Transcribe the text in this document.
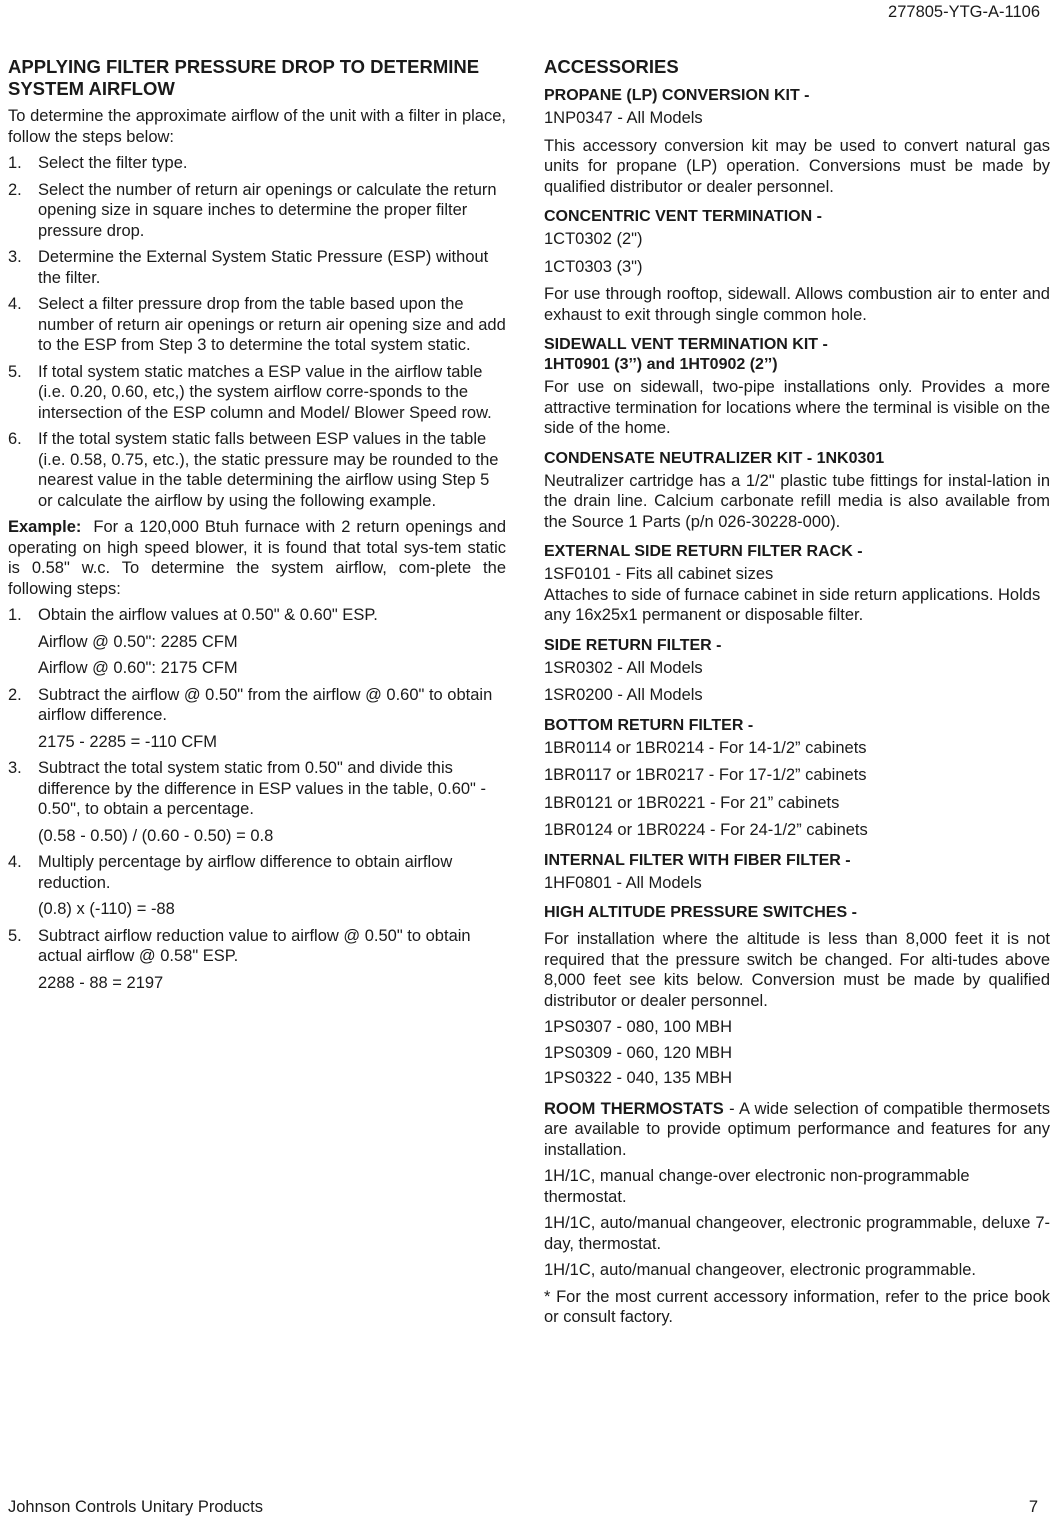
277805-YTG-A-1106
APPLYING FILTER PRESSURE DROP TO DETERMINE SYSTEM AIRFLOW

To determine the approximate airflow of the unit with a filter in place, follow the steps below:

1. Select the filter type.
2. Select the number of return air openings or calculate the return opening size in square inches to determine the proper filter pressure drop.
3. Determine the External System Static Pressure (ESP) without the filter.
4. Select a filter pressure drop from the table based upon the number of return air openings or return air opening size and add to the ESP from Step 3 to determine the total system static.
5. If total system static matches a ESP value in the airflow table (i.e. 0.20, 0.60, etc,) the system airflow corre-sponds to the intersection of the ESP column and Model/ Blower Speed row.
6. If the total system static falls between ESP values in the table (i.e. 0.58, 0.75, etc.), the static pressure may be rounded to the nearest value in the table determining the airflow using Step 5 or calculate the airflow by using the following example.

Example: For a 120,000 Btuh furnace with 2 return openings and operating on high speed blower, it is found that total sys-tem static is 0.58" w.c. To determine the system airflow, com-plete the following steps:

1. Obtain the airflow values at 0.50" & 0.60" ESP.
Airflow @ 0.50": 2285 CFM
Airflow @ 0.60": 2175 CFM
2. Subtract the airflow @ 0.50" from the airflow @ 0.60" to obtain airflow difference.
2175 - 2285 = -110 CFM
3. Subtract the total system static from 0.50" and divide this difference by the difference in ESP values in the table, 0.60" - 0.50", to obtain a percentage.
(0.58 - 0.50) / (0.60 - 0.50) = 0.8
4. Multiply percentage by airflow difference to obtain airflow reduction.
(0.8) x (-110) = -88
5. Subtract airflow reduction value to airflow @ 0.50" to obtain actual airflow @ 0.58" ESP.
2288 - 88 = 2197
ACCESSORIES
PROPANE (LP) CONVERSION KIT -
1NP0347 - All Models

This accessory conversion kit may be used to convert natural gas units for propane (LP) operation. Conversions must be made by qualified distributor or dealer personnel.

CONCENTRIC VENT TERMINATION -
1CT0302 (2")
1CT0303 (3")

For use through rooftop, sidewall. Allows combustion air to enter and exhaust to exit through single common hole.

SIDEWALL VENT TERMINATION KIT -
1HT0901 (3’’) and 1HT0902 (2’’)

For use on sidewall, two-pipe installations only. Provides a more attractive termination for locations where the terminal is visible on the side of the home.

CONDENSATE NEUTRALIZER KIT - 1NK0301

Neutralizer cartridge has a 1/2" plastic tube fittings for instal-lation in the drain line. Calcium carbonate refill media is also available from the Source 1 Parts (p/n 026-30228-000).

EXTERNAL SIDE RETURN FILTER RACK -
1SF0101 - Fits all cabinet sizes

Attaches to side of furnace cabinet in side return applications. Holds any 16x25x1 permanent or disposable filter.

SIDE RETURN FILTER -
1SR0302 - All Models
1SR0200 - All Models
BOTTOM RETURN FILTER -
1BR0114 or 1BR0214 - For 14-1/2” cabinets
1BR0117 or 1BR0217 - For 17-1/2” cabinets
1BR0121 or 1BR0221 - For 21” cabinets
1BR0124 or 1BR0224 - For 24-1/2” cabinets
INTERNAL FILTER WITH FIBER FILTER -
1HF0801 - All Models
HIGH ALTITUDE PRESSURE SWITCHES -

For installation where the altitude is less than 8,000 feet it is not required that the pressure switch be changed. For alti-tudes above 8,000 feet see kits below. Conversion must be made by qualified distributor or dealer personnel.

1PS0307 - 080, 100 MBH
1PS0309 - 060, 120 MBH
1PS0322 - 040, 135 MBH

ROOM THERMOSTATS - A wide selection of compatible thermosets are available to provide optimum performance and features for any installation.

1H/1C, manual change-over electronic non-programmable thermostat.

1H/1C, auto/manual changeover, electronic programmable, deluxe 7-day, thermostat.

1H/1C, auto/manual changeover, electronic programmable.

* For the most current accessory information, refer to the price book or consult factory.

Johnson Controls Unitary Products	7
